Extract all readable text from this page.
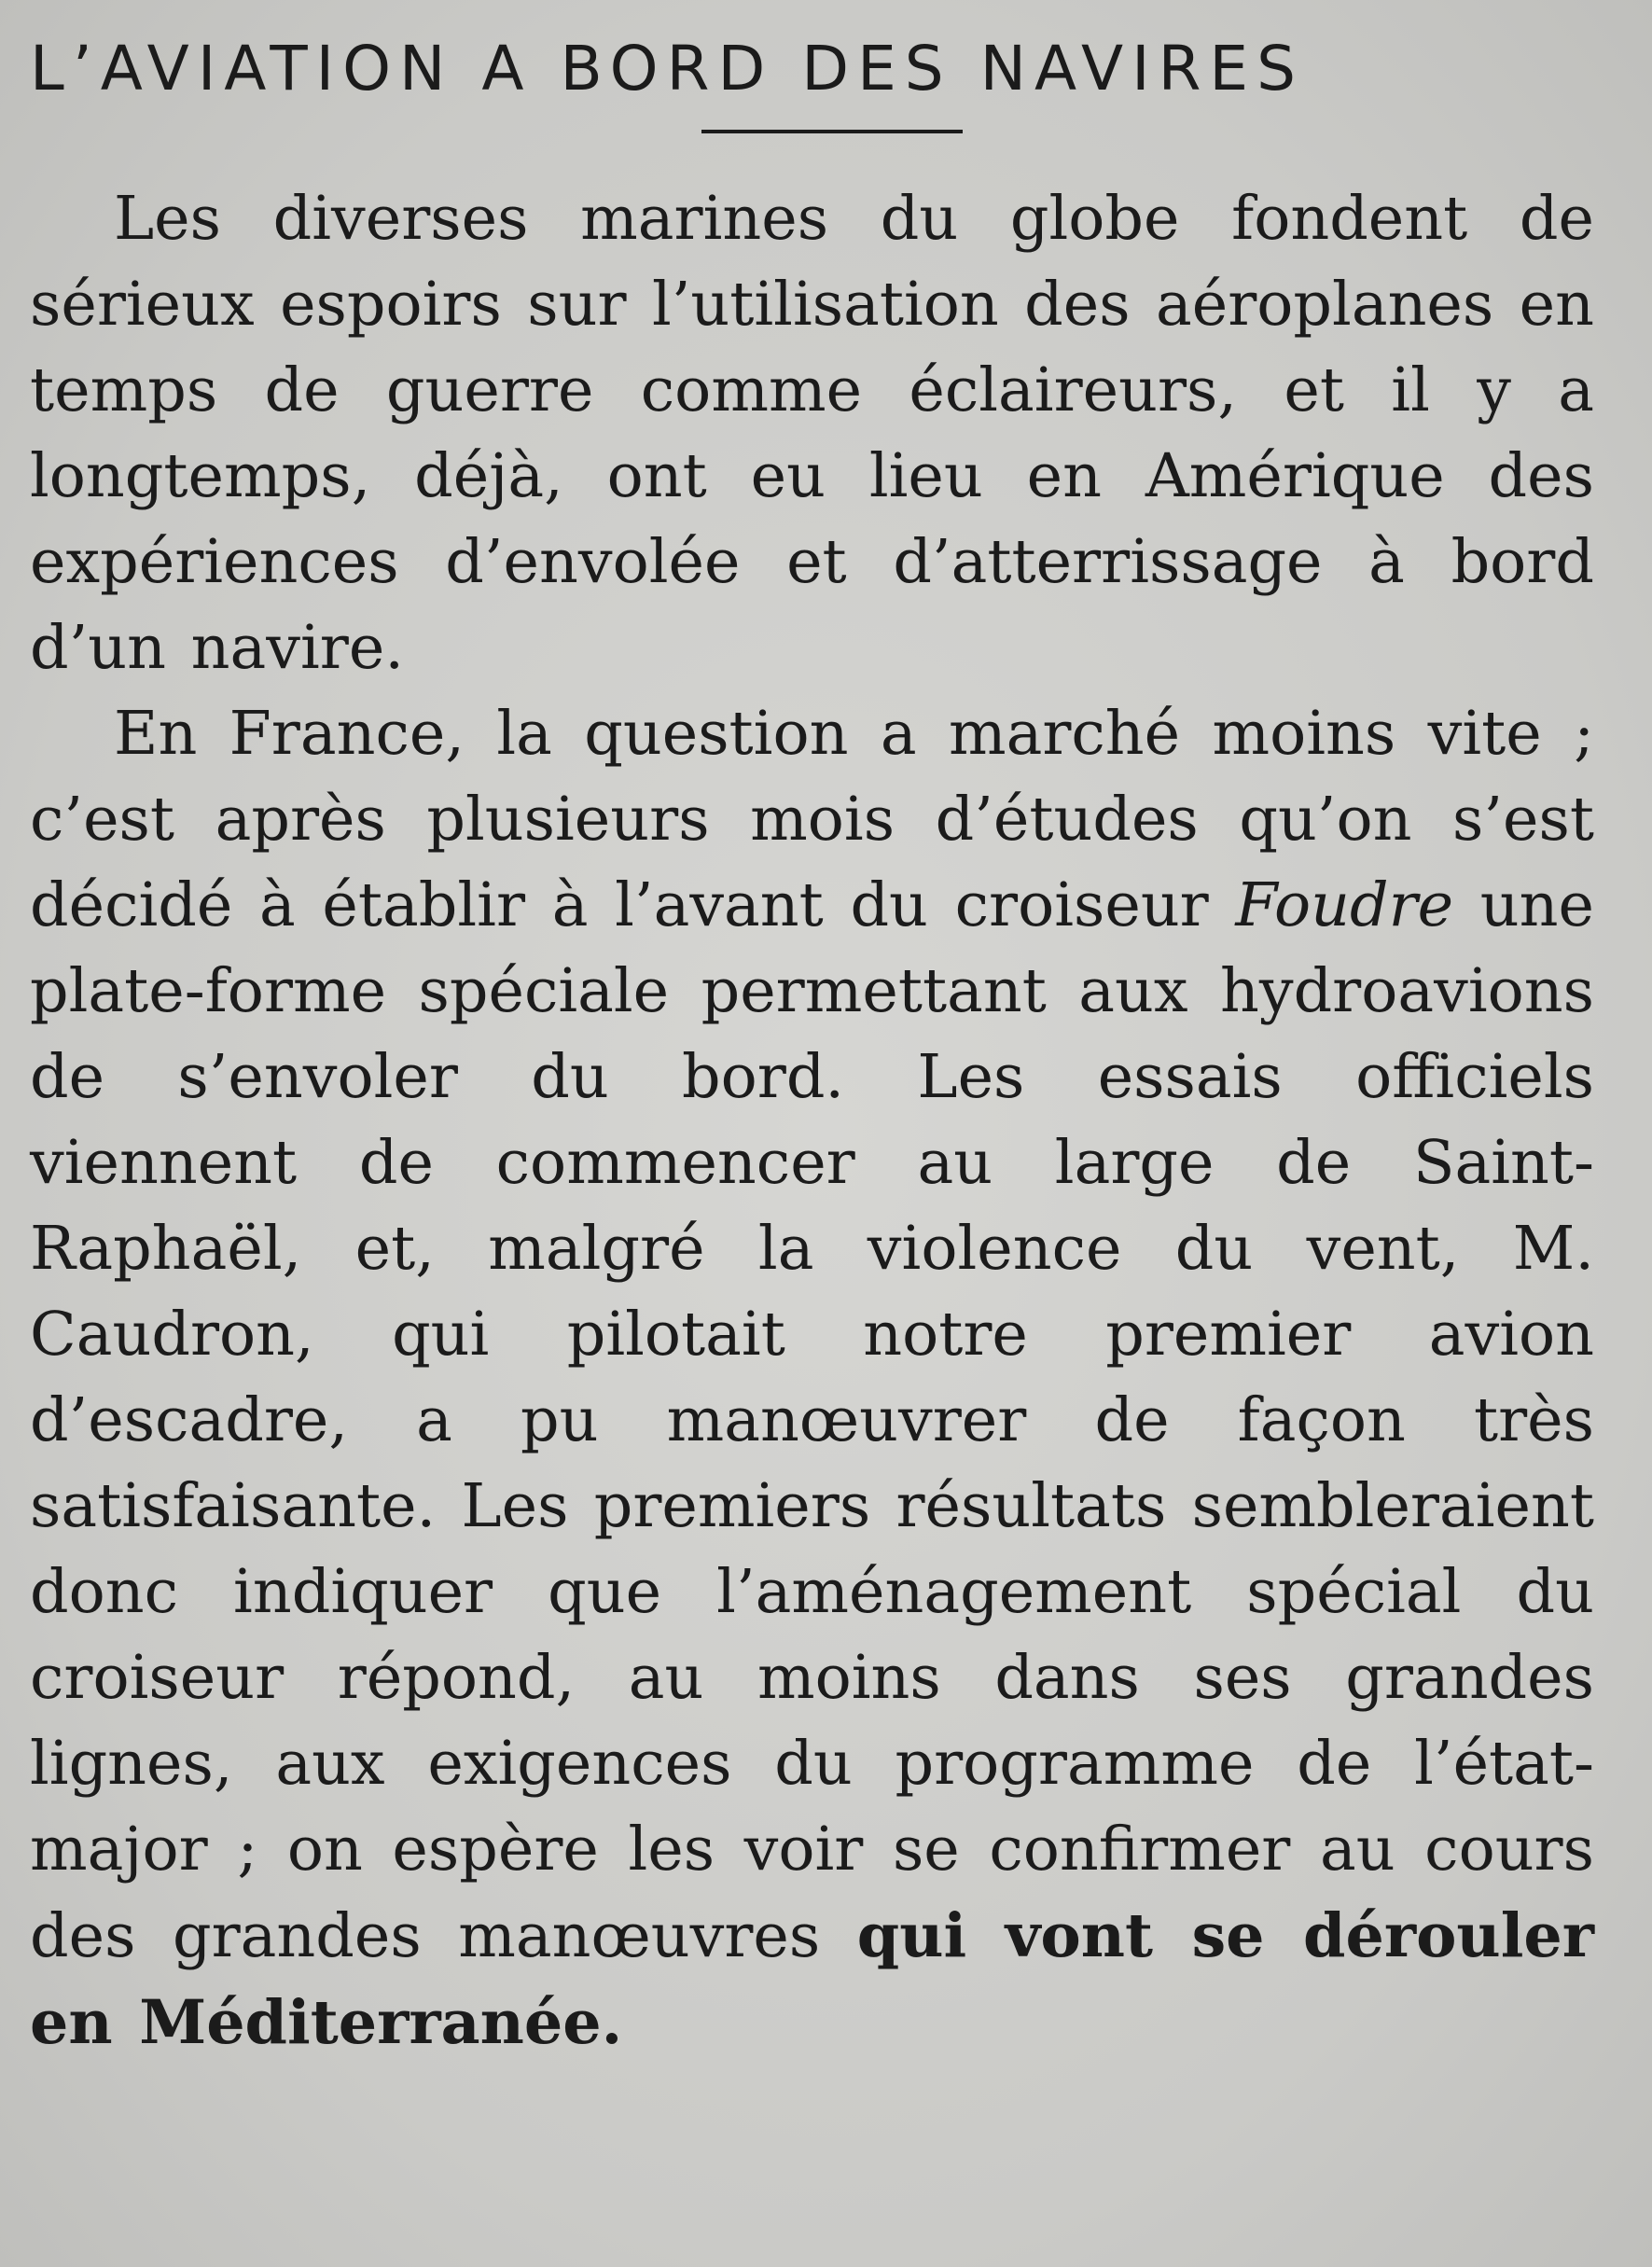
L’AVIATION A BORD DES NAVIRES

Les diverses marines du globe fondent de sérieux espoirs sur l’utilisation des aéroplanes en temps de guerre comme éclaireurs, et il y a longtemps, déjà, ont eu lieu en Amérique des expériences d’envolée et d’atterrissage à bord d’un navire.

En France, la question a marché moins vite ; c’est après plusieurs mois d’études qu’on s’est décidé à établir à l’avant du croiseur Foudre une plate-forme spéciale permettant aux hydroavions de s’envoler du bord. Les essais officiels viennent de commencer au large de Saint-Raphaël, et, malgré la violence du vent, M. Caudron, qui pilotait notre premier avion d’escadre, a pu manœuvrer de façon très satisfaisante. Les premiers résultats sembleraient donc indiquer que l’aménagement spécial du croiseur répond, au moins dans ses grandes lignes, aux exigences du programme de l’état-major ; on espère les voir se confirmer au cours des grandes manœuvres qui vont se dérouler en Méditerranée.
